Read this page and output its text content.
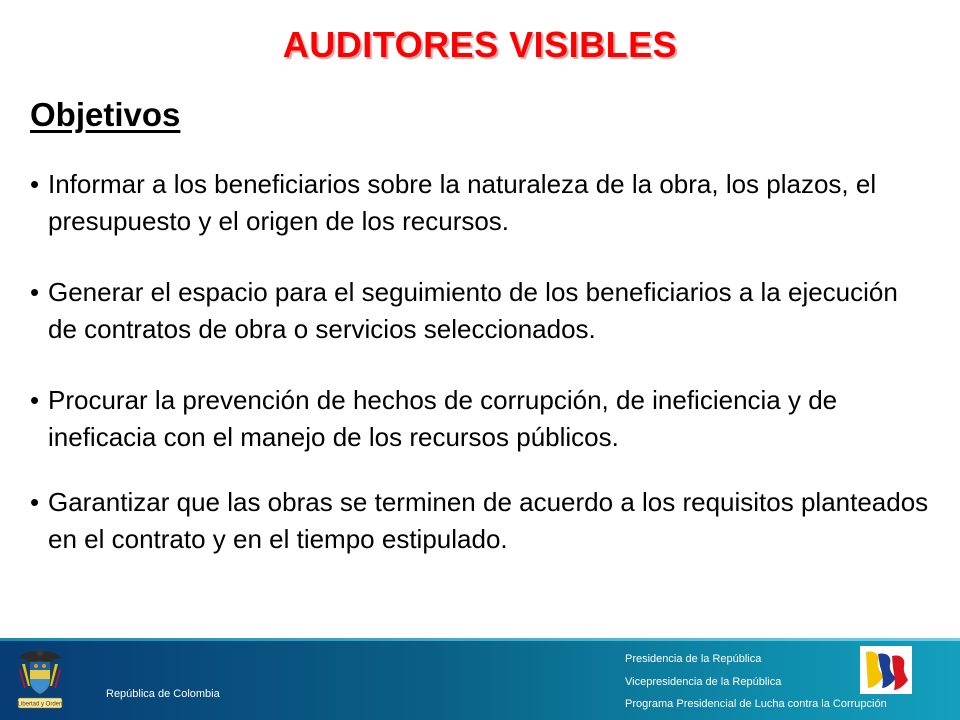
AUDITORES VISIBLES
Objetivos
• Informar a los beneficiarios sobre la naturaleza de la obra, los plazos, el presupuesto y el origen de los recursos.
• Generar el espacio para el seguimiento de los beneficiarios a la ejecución de contratos de obra o servicios seleccionados.
• Procurar la prevención de hechos de corrupción, de ineficiencia y de ineficacia con el manejo de los recursos públicos.
• Garantizar que las obras se terminen de acuerdo a los requisitos planteados en el contrato y en el tiempo estipulado.
Libertad y Orden
República de Colombia
Presidencia de la República
Vicepresidencia de la República
Programa Presidencial de Lucha contra la Corrupción
